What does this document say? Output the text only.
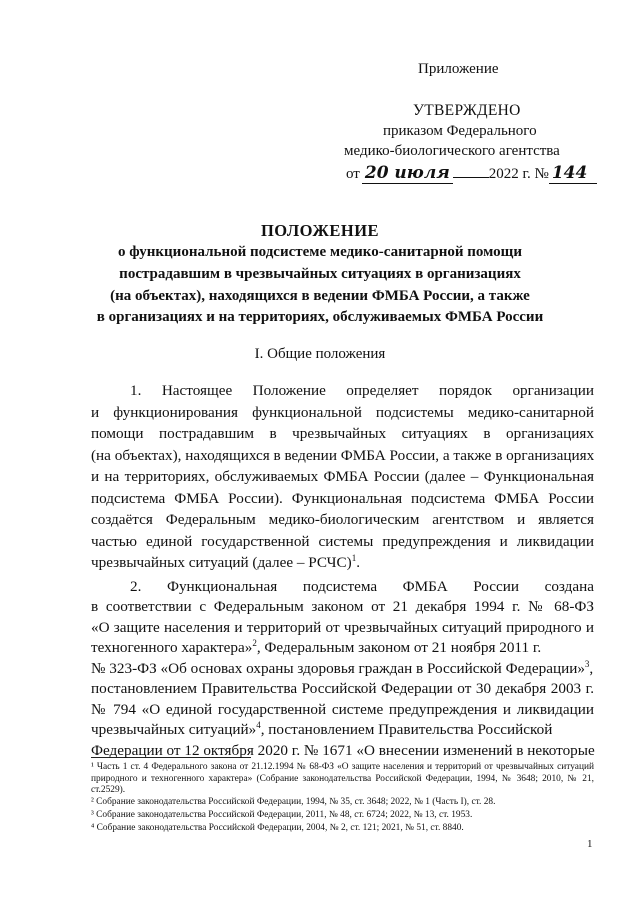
Приложение
УТВЕРЖДЕНО
приказом Федерального
медико-биологического агентства
от 20 июля	2022 г. № 144
ПОЛОЖЕНИЕ
о функциональной подсистеме медико-санитарной помощи
пострадавшим в чрезвычайных ситуациях в организациях
(на объектах), находящихся в ведении ФМБА России, а также
в организациях и на территориях, обслуживаемых ФМБА России
I. Общие положения
1. Настоящее Положение определяет порядок организации
и функционирования функциональной подсистемы медико-санитарной
помощи пострадавшим в чрезвычайных ситуациях в организациях
(на объектах), находящихся в ведении ФМБА России, а также в организациях
и на территориях, обслуживаемых ФМБА России (далее – Функциональная
подсистема ФМБА России). Функциональная подсистема ФМБА России
создаётся Федеральным медико-биологическим агентством и является
частью единой государственной системы предупреждения и ликвидации
чрезвычайных ситуаций (далее – РСЧС)$^1$.
2. Функциональная подсистема ФМБА России создана
в соответствии с Федеральным законом от 21 декабря 1994 г. № 68-ФЗ
«О защите населения и территорий от чрезвычайных ситуаций природного и
техногенного характера»$^2$, Федеральным законом от 21 ноября 2011 г.
№ 323-ФЗ «Об основах охраны здоровья граждан в Российской Федерации»$^3$,
постановлением Правительства Российской Федерации от 30 декабря 2003 г.
№ 794 «О единой государственной системе предупреждения и ликвидации
¹ Часть 1 ст. 4 Федерального закона от 21.12.1994 № 68-ФЗ «О защите населения и территорий от чрезвычайных ситуаций природного и техногенного характера» (Собрание законодательства Российской Федерации, 1994, № 3648; 2010, № 21, ст.2529).
² Собрание законодательства Российской Федерации, 1994, № 35, ст. 3648; 2022, № 1 (Часть I), ст. 28.
³ Собрание законодательства Российской Федерации, 2011, № 48, ст. 6724; 2022, № 13, ст. 1953.
⁴ Собрание законодательства Российской Федерации, 2004, № 2, ст. 121; 2021, № 51, ст. 8840.
1
чрезвычайных ситуаций»$^4$, постановлением Правительства Российской
Федерации от 12 октября 2020 г. № 1671 «О внесении изменений в некоторые
